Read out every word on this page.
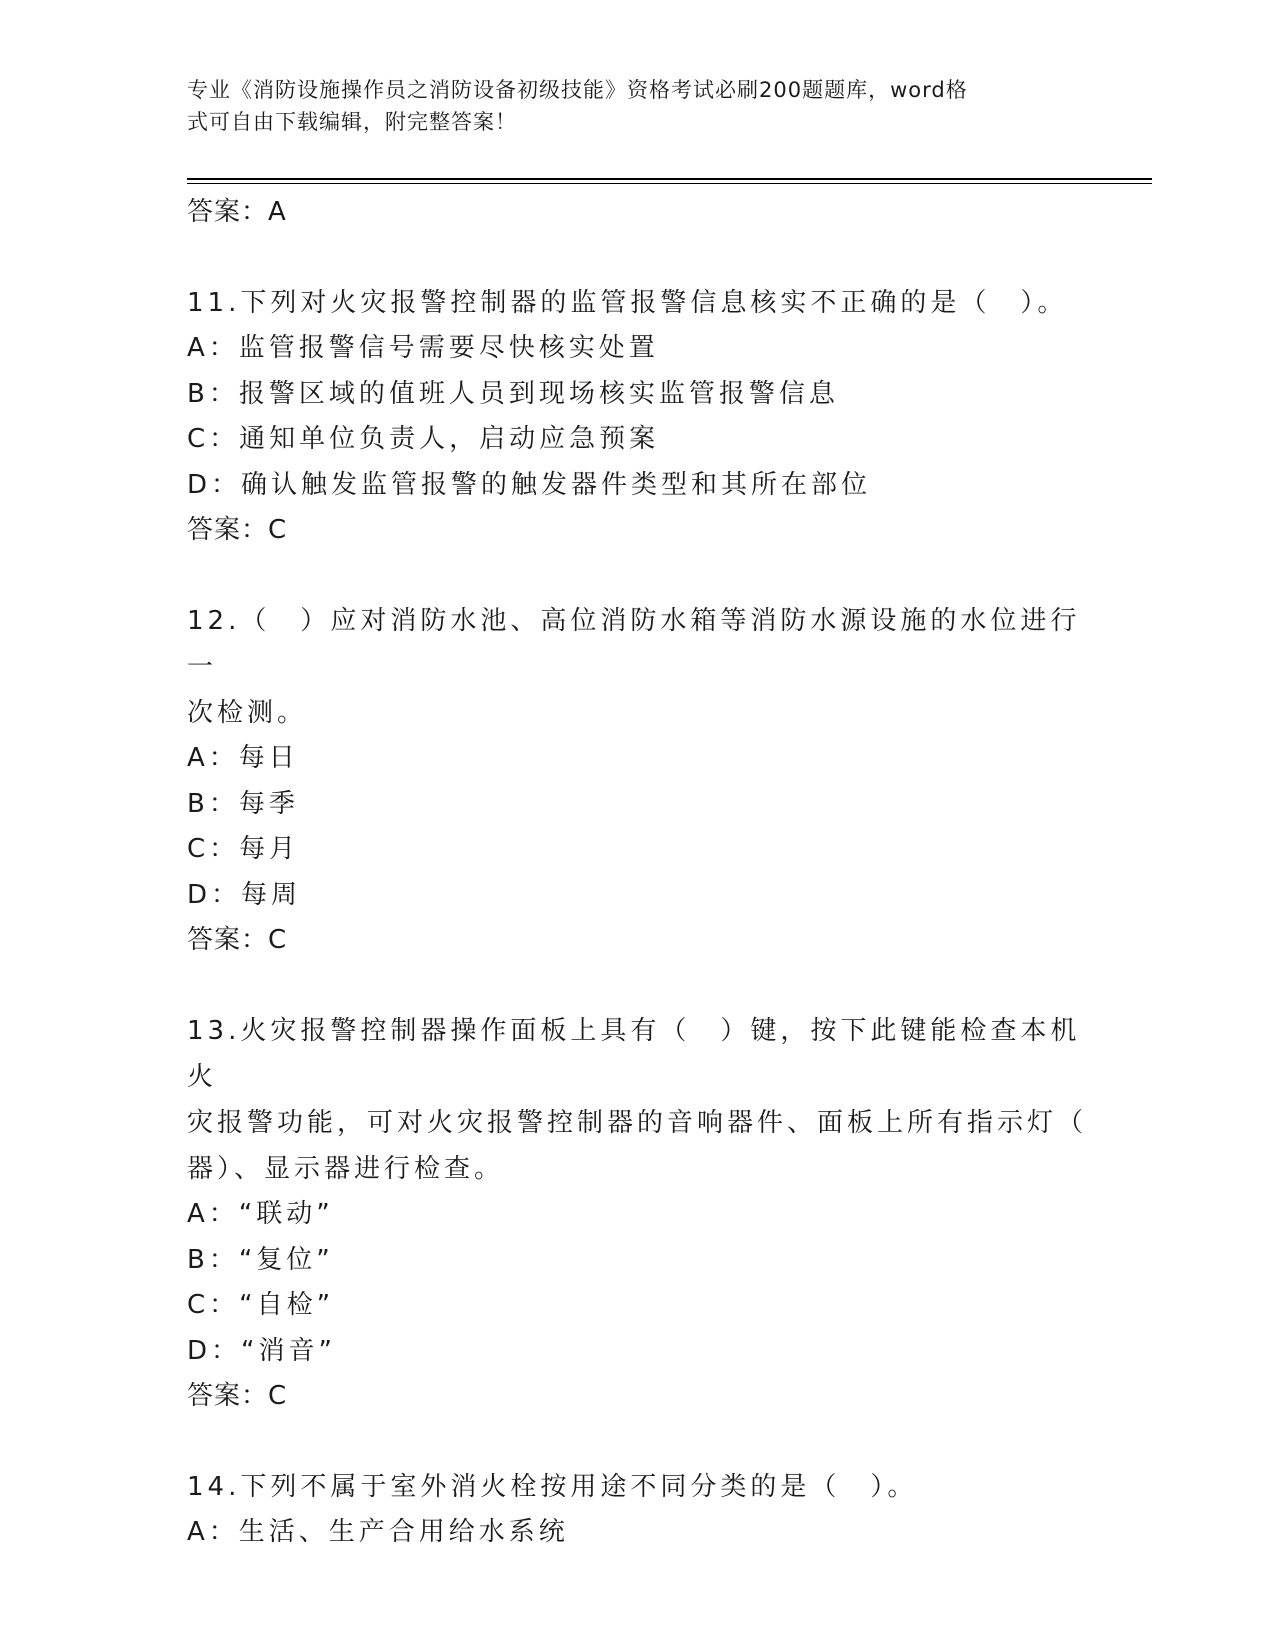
专业《消防设施操作员之消防设备初级技能》资格考试必刷200题题库，word格
式可自由下载编辑，附完整答案！

答案：A

11.下列对火灾报警控制器的监管报警信息核实不正确的是（　）。

A：监管报警信号需要尽快核实处置

B：报警区域的值班人员到现场核实监管报警信息

C：通知单位负责人，启动应急预案

D：确认触发监管报警的触发器件类型和其所在部位

答案：C

12.（　）应对消防水池、高位消防水箱等消防水源设施的水位进行一

次检测。

A：每日

B：每季

C：每月

D：每周

答案：C

13.火灾报警控制器操作面板上具有（　）键，按下此键能检查本机火

灾报警功能，可对火灾报警控制器的音响器件、面板上所有指示灯（

器）、显示器进行检查。

A：“联动”

B：“复位”

C：“自检”

D：“消音”

答案：C

14.下列不属于室外消火栓按用途不同分类的是（　）。

A：生活、生产合用给水系统
